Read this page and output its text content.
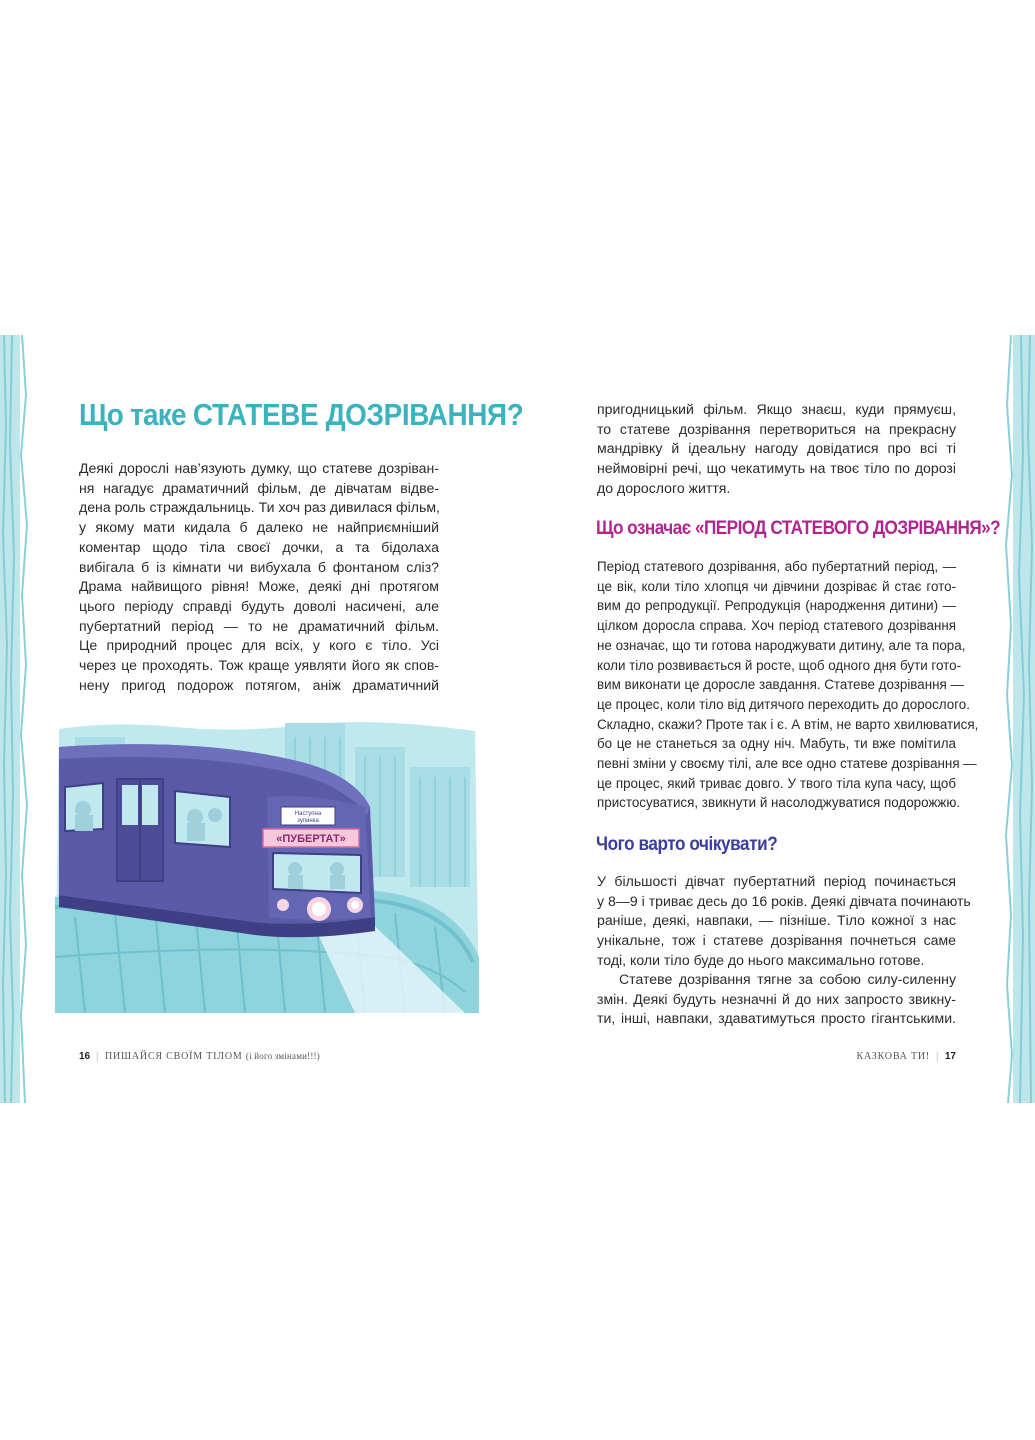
Що таке СТАТЕВЕ ДОЗРІВАННЯ?
Деякі дорослі нав’язують думку, що статеве дозріван-
ня нагадує драматичний фільм, де дівчатам відве-
дена роль страждальниць. Ти хоч раз дивилася фільм,
у якому мати кидала б далеко не найприємніший
коментар щодо тіла своєї дочки, а та бідолаха
вибігала б із кімнати чи вибухала б фонтаном сліз?
Драма найвищого рівня! Може, деякі дні протягом
цього періоду справді будуть доволі насичені, але
пубертатний період — то не драматичний фільм.
Це природний процес для всіх, у кого є тіло. Усі
через це проходять. Тож краще уявляти його як спов-
нену пригод подорож потягом, аніж драматичний
Наступна
зупинка
«ПУБЕРТАТ»
16 | ПИШАЙСЯ СВОЇМ ТІЛОМ (і його змінами!!!)
пригодницький фільм. Якщо знаєш, куди прямуєш,
то статеве дозрівання перетвориться на прекрасну
мандрівку й ідеальну нагоду довідатися про всі ті
неймовірні речі, що чекатимуть на твоє тіло по дорозі
до дорослого життя.
Що означає «ПЕРІОД СТАТЕВОГО ДОЗРІВАННЯ»?
Період статевого дозрівання, або пубертатний період, —
це вік, коли тіло хлопця чи дівчини дозріває й стає гото-
вим до репродукції. Репродукція (народження дитини) —
цілком доросла справа. Хоч період статевого дозрівання
не означає, що ти готова народжувати дитину, але та пора,
коли тіло розвивається й росте, щоб одного дня бути гото-
вим виконати це доросле завдання. Статеве дозрівання —
це процес, коли тіло від дитячого переходить до дорослого.
Складно, скажи? Проте так і є. А втім, не варто хвилюватися,
бо це не станеться за одну ніч. Мабуть, ти вже помітила
певні зміни у своєму тілі, але все одно статеве дозрівання —
це процес, який триває довго. У твого тіла купа часу, щоб
пристосуватися, звикнути й насолоджуватися подорожжю.
Чого варто очікувати?
У більшості дівчат пубертатний період починається
у 8—9 і триває десь до 16 років. Деякі дівчата починають
раніше, деякі, навпаки, — пізніше. Тіло кожної з нас
унікальне, тож і статеве дозрівання почнеться саме
тоді, коли тіло буде до нього максимально готове.
Статеве дозрівання тягне за собою силу-силенну
змін. Деякі будуть незначні й до них запросто звикну-
ти, інші, навпаки, здаватимуться просто гігантськими.
КАЗКОВА ТИ! | 17
